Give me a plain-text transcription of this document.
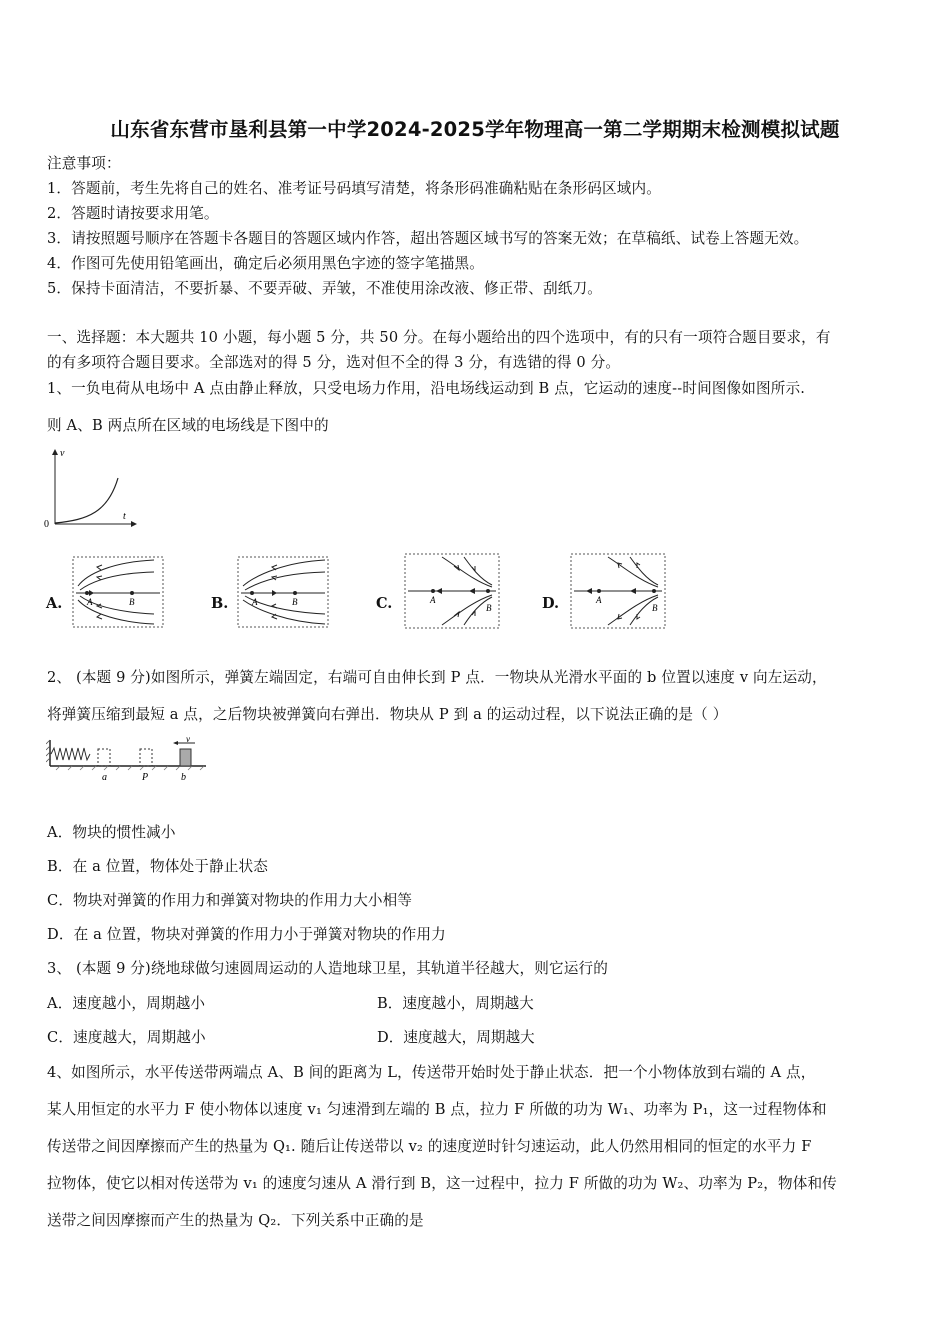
山东省东营市垦利县第一中学2024-2025学年物理高一第二学期期末检测模拟试题
注意事项：
1．答题前，考生先将自己的姓名、准考证号码填写清楚，将条形码准确粘贴在条形码区域内。
2．答题时请按要求用笔。
3．请按照题号顺序在答题卡各题目的答题区域内作答，超出答题区域书写的答案无效；在草稿纸、试卷上答题无效。
4．作图可先使用铅笔画出，确定后必须用黑色字迹的签字笔描黑。
5．保持卡面清洁，不要折暴、不要弄破、弄皱，不准使用涂改液、修正带、刮纸刀。
一、选择题：本大题共 10 小题，每小题 5 分，共 50 分。在每小题给出的四个选项中，有的只有一项符合题目要求，有
的有多项符合题目要求。全部选对的得 5 分，选对但不全的得 3 分，有选错的得 0 分。
1、一负电荷从电场中 A 点由静止释放，只受电场力作用，沿电场线运动到 B 点，它运动的速度--时间图像如图所示.
则 A、B 两点所在区域的电场线是下图中的
v
t
0
A.	A	B	B.	A	B	C.	A
B	D.	A
B
2、 (本题 9 分)如图所示，弹簧左端固定，右端可自由伸长到 P 点．一物块从光滑水平面的 b 位置以速度 v 向左运动，
将弹簧压缩到最短 a 点，之后物块被弹簧向右弹出．物块从 P 到 a 的运动过程，以下说法正确的是（ ）
v
a	P	b
A．物块的惯性减小
B．在 a 位置，物体处于静止状态
C．物块对弹簧的作用力和弹簧对物块的作用力大小相等
D．在 a 位置，物块对弹簧的作用力小于弹簧对物块的作用力
3、 (本题 9 分)绕地球做匀速圆周运动的人造地球卫星，其轨道半径越大，则它运行的
A．速度越小，周期越小	B．速度越小，周期越大
C．速度越大，周期越小	D．速度越大，周期越大
4、如图所示，水平传送带两端点 A、B 间的距离为 L，传送带开始时处于静止状态．把一个小物体放到右端的 A 点，
某人用恒定的水平力 F 使小物体以速度 v₁ 匀速滑到左端的 B 点，拉力 F 所做的功为 W₁、功率为 P₁，这一过程物体和
传送带之间因摩擦而产生的热量为 Q₁. 随后让传送带以 v₂ 的速度逆时针匀速运动，此人仍然用相同的恒定的水平力 F
拉物体，使它以相对传送带为 v₁ 的速度匀速从 A 滑行到 B，这一过程中，拉力 F 所做的功为 W₂、功率为 P₂，物体和传
送带之间因摩擦而产生的热量为 Q₂．下列关系中正确的是
